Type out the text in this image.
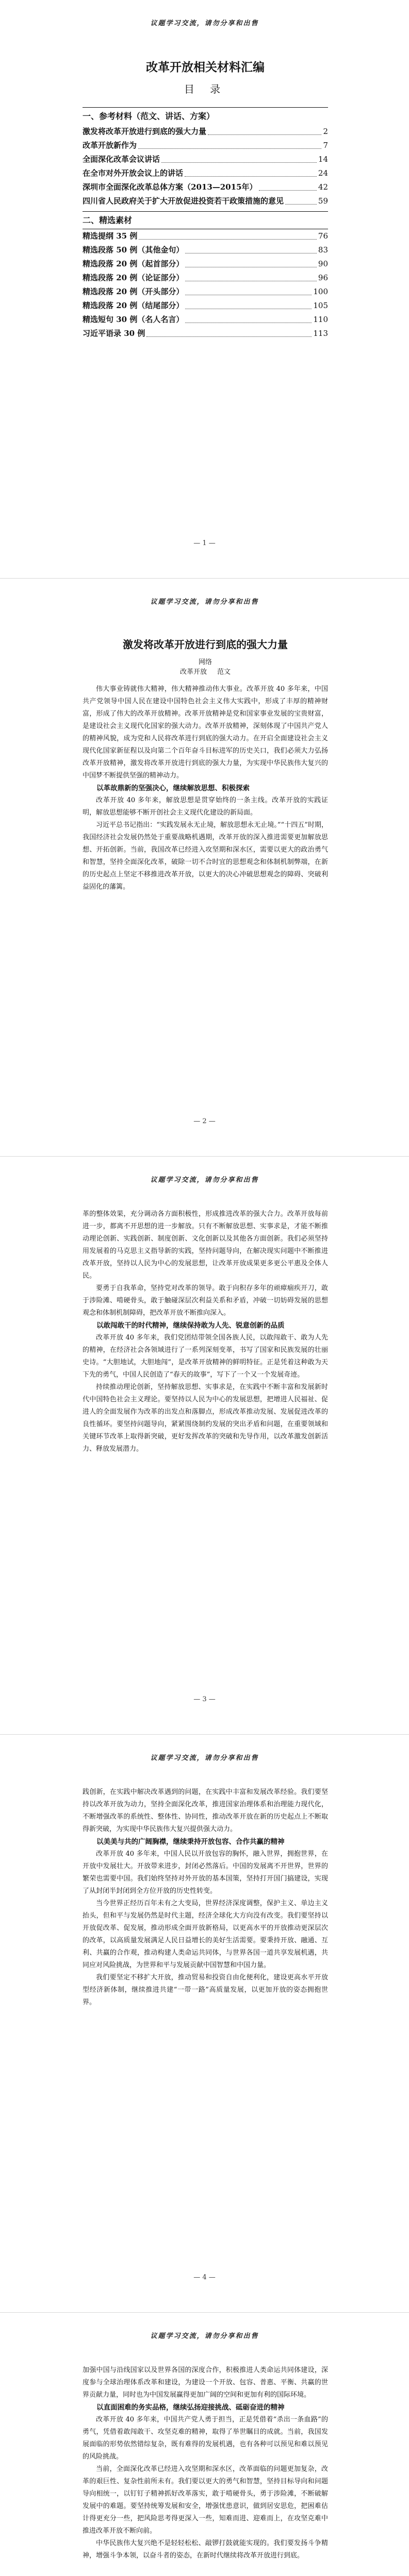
议题学习交流，请勿分享和出售
改革开放相关材料汇编
目 录
一、参考材料（范文、讲话、方案）
激发将改革开放进行到底的强大力量	2
改革开放新作为	7
全面深化改革会议讲话	14
在全市对外开放会议上的讲话	24
深圳市全面深化改革总体方案（2013—2015年）	42
四川省人民政府关于扩大开放促进投资若干政策措施的意见	59
二、精选素材
精选提纲 35 例	76
精选段落 50 例（其他金句）	83
精选段落 20 例（起首部分）	90
精选段落 20 例（论证部分）	96
精选段落 20 例（开头部分）	100
精选段落 20 例（结尾部分）	105
精选短句 30 例（名人名言）	110
习近平语录 30 例	113
— 1 —
议题学习交流，请勿分享和出售
激发将改革开放进行到底的强大力量

网络

改革开放 范文

伟大事业铸就伟大精神，伟大精神推动伟大事业。改革开放 40 多年来，中国共产党领导中国人民在建设中国特色社会主义伟大实践中，形成了丰厚的精神财富，形成了伟大的改革开放精神。改革开放精神是党和国家事业发展的宝贵财富，是建设社会主义现代化国家的强大动力。改革开放精神，深刻体现了中国共产党人的精神风貌，成为党和人民将改革进行到底的强大动力。在开启全面建设社会主义现代化国家新征程以及向第二个百年奋斗目标进军的历史关口，我们必须大力弘扬改革开放精神，激发将改革开放进行到底的强大力量，为实现中华民族伟大复兴的中国梦不断提供坚强的精神动力。

以革故鼎新的坚强决心，继续解放思想、积极探索

改革开放 40 多年来，解放思想是贯穿始终的一条主线。改革开放的实践证明，解放思想能够不断开创社会主义现代化建设的新局面。

习近平总书记指出：“实践发展永无止境，解放思想永无止境。”“十四五”时期，我国经济社会发展仍然处于重要战略机遇期，改革开放的深入推进需要更加解放思想、开拓创新。当前，我国改革已经进入攻坚期和深水区，需要以更大的政治勇气和智慧，坚持全面深化改革，破除一切不合时宜的思想观念和体制机制弊端，在新的历史起点上坚定不移推进改革开放，以更大的决心冲破思想观念的障碍、突破利益固化的藩篱。

— 2 —
议题学习交流，请勿分享和出售

革的整体效果，充分调动各方面积极性，形成推进改革的强大合力。改革开放每前进一步，都离不开思想的进一步解放。只有不断解放思想、实事求是，才能不断推动理论创新、实践创新、制度创新、文化创新以及其他各方面创新。我们必须坚持用发展着的马克思主义指导新的实践，坚持问题导向，在解决现实问题中不断推进改革开放，坚持以人民为中心的发展思想，让改革开放成果更多更公平惠及全体人民。

要勇于自我革命，坚持党对改革的领导。敢于向积存多年的顽瘴痼疾开刀，敢于涉险滩、啃硬骨头，敢于触碰深层次利益关系和矛盾，冲破一切妨碍发展的思想观念和体制机制障碍，把改革开放不断推向深入。

以敢闯敢干的时代精神，继续保持敢为人先、锐意创新的品质

改革开放 40 多年来，我们党团结带领全国各族人民，以敢闯敢干、敢为人先的精神，在经济社会各领域进行了一系列深刻变革，书写了国家和民族发展的壮丽史诗。“大胆地试，大胆地闯”，是改革开放精神的鲜明特征。正是凭着这种敢为天下先的勇气，中国人民创造了“春天的故事”，写下了一个又一个发展奇迹。

持续推动理论创新，坚持解放思想、实事求是，在实践中不断丰富和发展新时代中国特色社会主义理论。要坚持以人民为中心的发展思想，把增进人民福祉、促进人的全面发展作为改革的出发点和落脚点，形成改革推动发展、发展促进改革的良性循环。要坚持问题导向，紧紧围绕制约发展的突出矛盾和问题，在重要领域和关键环节改革上取得新突破，更好发挥改革的突破和先导作用，以改革激发创新活力、释放发展潜力。

— 3 —
议题学习交流，请勿分享和出售

践创新，在实践中解决改革遇到的问题，在实践中丰富和发展改革经验。我们要坚持以改革开放为动力，坚持全面深化改革，推进国家治理体系和治理能力现代化，不断增强改革的系统性、整体性、协同性，推动改革开放在新的历史起点上不断取得新突破，为实现中华民族伟大复兴提供强大动力。

以美美与共的广阔胸襟，继续秉持开放包容、合作共赢的精神

改革开放 40 多年来，中国人民以开放包容的胸怀，融入世界，拥抱世界，在开放中发展壮大。开放带来进步，封闭必然落后。中国的发展离不开世界，世界的繁荣也需要中国。我们始终坚持对外开放的基本国策，坚持打开国门搞建设，实现了从封闭半封闭到全方位开放的历史性转变。

当今世界正经历百年未有之大变局，世界经济深度调整，保护主义、单边主义抬头，但和平与发展仍然是时代主题，经济全球化大方向没有改变。我们要坚持以开放促改革、促发展，推动形成全面开放新格局，以更高水平的开放推动更深层次的改革，以高质量发展满足人民日益增长的美好生活需要。要秉持开放、融通、互利、共赢的合作观，推动构建人类命运共同体，与世界各国一道共享发展机遇，共同应对风险挑战，为世界和平与发展贡献中国智慧和中国力量。

我们要坚定不移扩大开放，推动贸易和投资自由化便利化，建设更高水平开放型经济新体制，继续推进共建“一带一路”高质量发展，以更加开放的姿态拥抱世界。

— 4 —
议题学习交流，请勿分享和出售

加强中国与沿线国家以及世界各国的深度合作，积极推进人类命运共同体建设，深度参与全球治理体系改革和建设，为建设一个开放、包容、普惠、平衡、共赢的世界贡献力量，同时也为中国发展赢得更加广阔的空间和更加有利的国际环境。

以直面困难的务实品格，继续弘扬迎接挑战、砥砺奋进的精神

改革开放 40 多年来，中国共产党人勇于担当，正是凭借着“杀出一条血路”的勇气，凭借着敢闯敢干、攻坚克难的精神，取得了举世瞩目的成就。当前，我国发展面临的形势依然错综复杂，既有难得的发展机遇，也有各种可以预见和难以预见的风险挑战。

当前，全面深化改革已经进入攻坚期和深水区，改革面临的问题更加复杂，改革的艰巨性、复杂性前所未有。我们要以更大的勇气和智慧，坚持目标导向和问题导向相统一，以钉钉子精神抓好改革落实，敢于啃硬骨头，勇于涉险滩，不断破解发展中的难题。要坚持统筹发展和安全，增强忧患意识，做到居安思危，把困难估计得更充分一些，把风险思考得更深入一些，知难而进、迎难而上，在攻坚克难中推进改革开放不断向前。

中华民族伟大复兴绝不是轻轻松松、敲锣打鼓就能实现的。我们要发扬斗争精神，增强斗争本领，以奋斗者的姿态，在新时代继续将改革开放进行到底。
